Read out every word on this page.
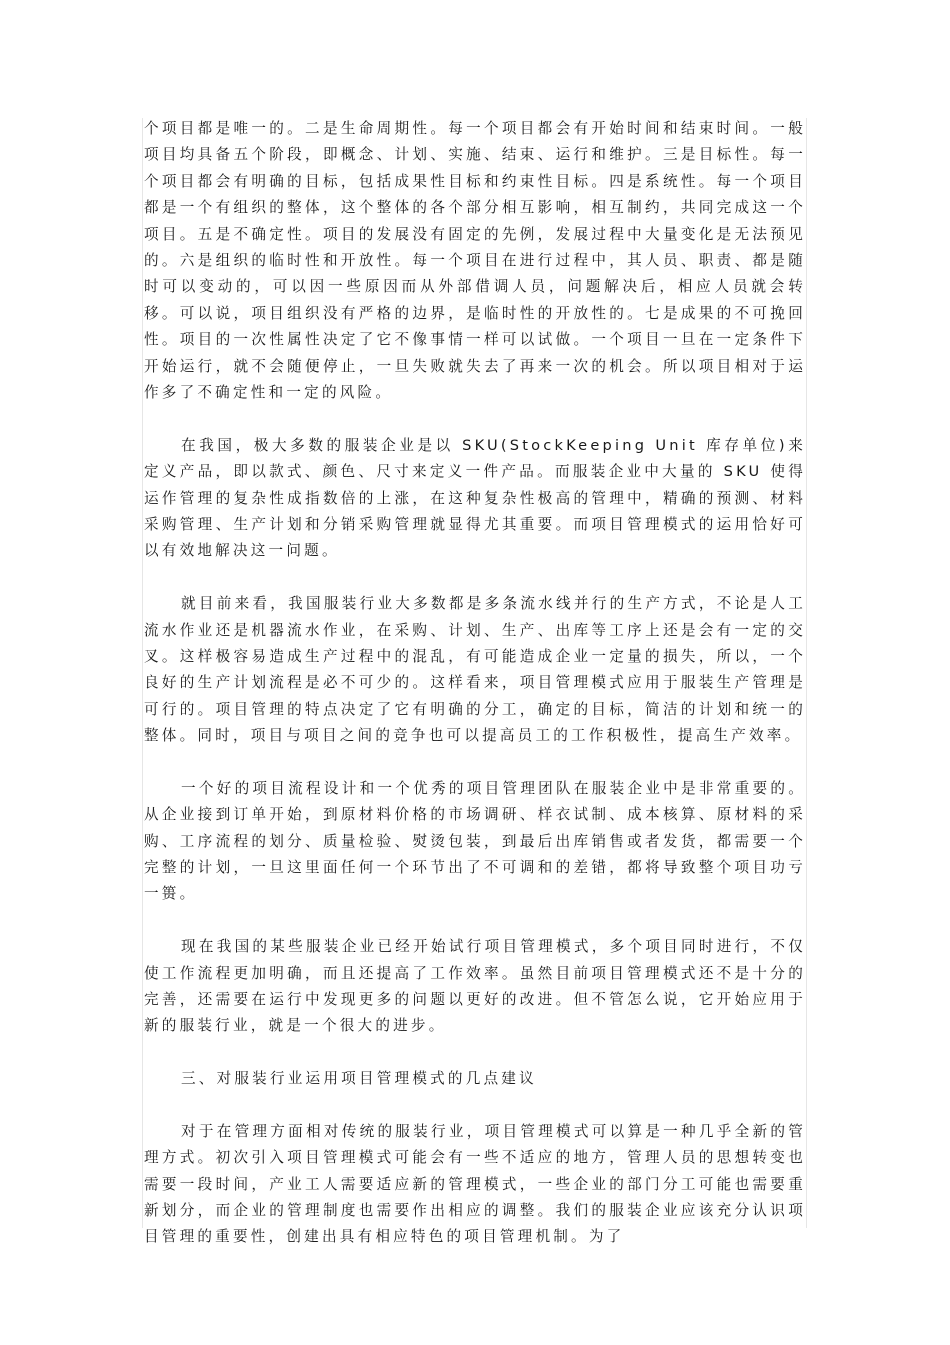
个项目都是唯一的。二是生命周期性。每一个项目都会有开始时间和结束时间。一般项目均具备五个阶段，即概念、计划、实施、结束、运行和维护。三是目标性。每一个项目都会有明确的目标，包括成果性目标和约束性目标。四是系统性。每一个项目都是一个有组织的整体，这个整体的各个部分相互影响，相互制约，共同完成这一个项目。五是不确定性。项目的发展没有固定的先例，发展过程中大量变化是无法预见的。六是组织的临时性和开放性。每一个项目在进行过程中，其人员、职责、都是随时可以变动的，可以因一些原因而从外部借调人员，问题解决后，相应人员就会转移。可以说，项目组织没有严格的边界，是临时性的开放性的。七是成果的不可挽回性。项目的一次性属性决定了它不像事情一样可以试做。一个项目一旦在一定条件下开始运行，就不会随便停止，一旦失败就失去了再来一次的机会。所以项目相对于运作多了不确定性和一定的风险。

在我国，极大多数的服装企业是以 SKU(StockKeeping Unit 库存单位)来定义产品，即以款式、颜色、尺寸来定义一件产品。而服装企业中大量的 SKU 使得运作管理的复杂性成指数倍的上涨，在这种复杂性极高的管理中，精确的预测、材料采购管理、生产计划和分销采购管理就显得尤其重要。而项目管理模式的运用恰好可以有效地解决这一问题。

就目前来看，我国服装行业大多数都是多条流水线并行的生产方式，不论是人工流水作业还是机器流水作业，在采购、计划、生产、出库等工序上还是会有一定的交叉。这样极容易造成生产过程中的混乱，有可能造成企业一定量的损失，所以，一个良好的生产计划流程是必不可少的。这样看来，项目管理模式应用于服装生产管理是可行的。项目管理的特点决定了它有明确的分工，确定的目标，简洁的计划和统一的整体。同时，项目与项目之间的竞争也可以提高员工的工作积极性，提高生产效率。

一个好的项目流程设计和一个优秀的项目管理团队在服装企业中是非常重要的。从企业接到订单开始，到原材料价格的市场调研、样衣试制、成本核算、原材料的采购、工序流程的划分、质量检验、熨烫包装，到最后出库销售或者发货，都需要一个完整的计划，一旦这里面任何一个环节出了不可调和的差错，都将导致整个项目功亏一篑。

现在我国的某些服装企业已经开始试行项目管理模式，多个项目同时进行，不仅使工作流程更加明确，而且还提高了工作效率。虽然目前项目管理模式还不是十分的完善，还需要在运行中发现更多的问题以更好的改进。但不管怎么说，它开始应用于新的服装行业，就是一个很大的进步。

三、对服装行业运用项目管理模式的几点建议

对于在管理方面相对传统的服装行业，项目管理模式可以算是一种几乎全新的管理方式。初次引入项目管理模式可能会有一些不适应的地方，管理人员的思想转变也需要一段时间，产业工人需要适应新的管理模式，一些企业的部门分工可能也需要重新划分，而企业的管理制度也需要作出相应的调整。我们的服装企业应该充分认识项目管理的重要性，创建出具有相应特色的项目管理机制。为了
